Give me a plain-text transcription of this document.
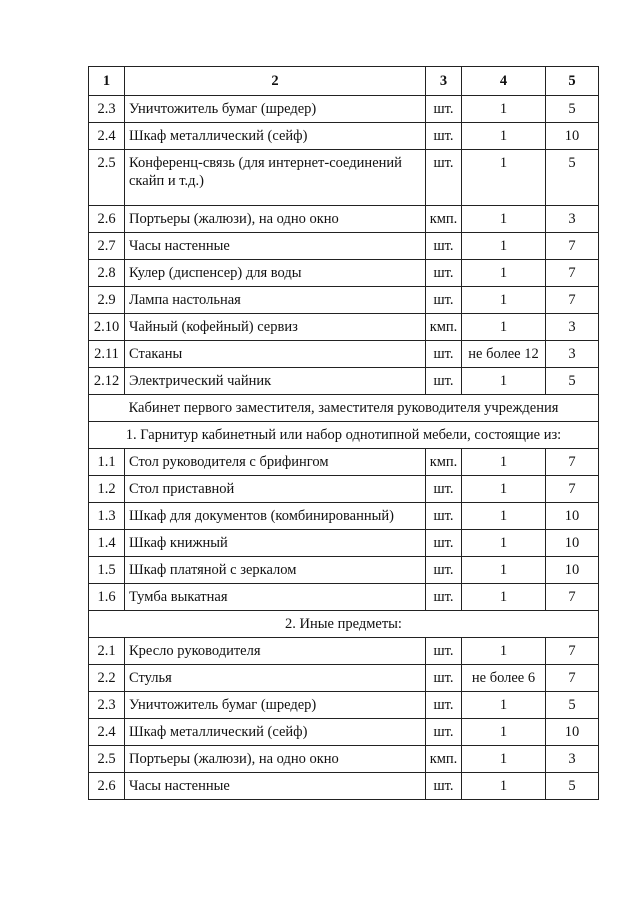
1	2	3	4	5
2.3	Уничтожитель бумаг (шредер)	шт.	1	5
2.4	Шкаф металлический (сейф)	шт.	1	10
2.5	Конференц-связь (для интернет-соединений скайп и т.д.)	шт.	1	5
2.6	Портьеры (жалюзи), на одно окно	кмп.	1	3
2.7	Часы настенные	шт.	1	7
2.8	Кулер (диспенсер) для воды	шт.	1	7
2.9	Лампа настольная	шт.	1	7
2.10	Чайный (кофейный) сервиз	кмп.	1	3
2.11	Стаканы	шт.	не более 12	3
2.12	Электрический чайник	шт.	1	5
Кабинет первого заместителя, заместителя руководителя учреждения				
1. Гарнитур кабинетный или набор однотипной мебели, состоящие из:				
1.1	Стол руководителя с брифингом	кмп.	1	7
1.2	Стол приставной	шт.	1	7
1.3	Шкаф для документов (комбинированный)	шт.	1	10
1.4	Шкаф книжный	шт.	1	10
1.5	Шкаф платяной с зеркалом	шт.	1	10
1.6	Тумба выкатная	шт.	1	7
2. Иные предметы:				
2.1	Кресло руководителя	шт.	1	7
2.2	Стулья	шт.	не более 6	7
2.3	Уничтожитель бумаг (шредер)	шт.	1	5
2.4	Шкаф металлический (сейф)	шт.	1	10
2.5	Портьеры (жалюзи), на одно окно	кмп.	1	3
2.6	Часы настенные	шт.	1	5
